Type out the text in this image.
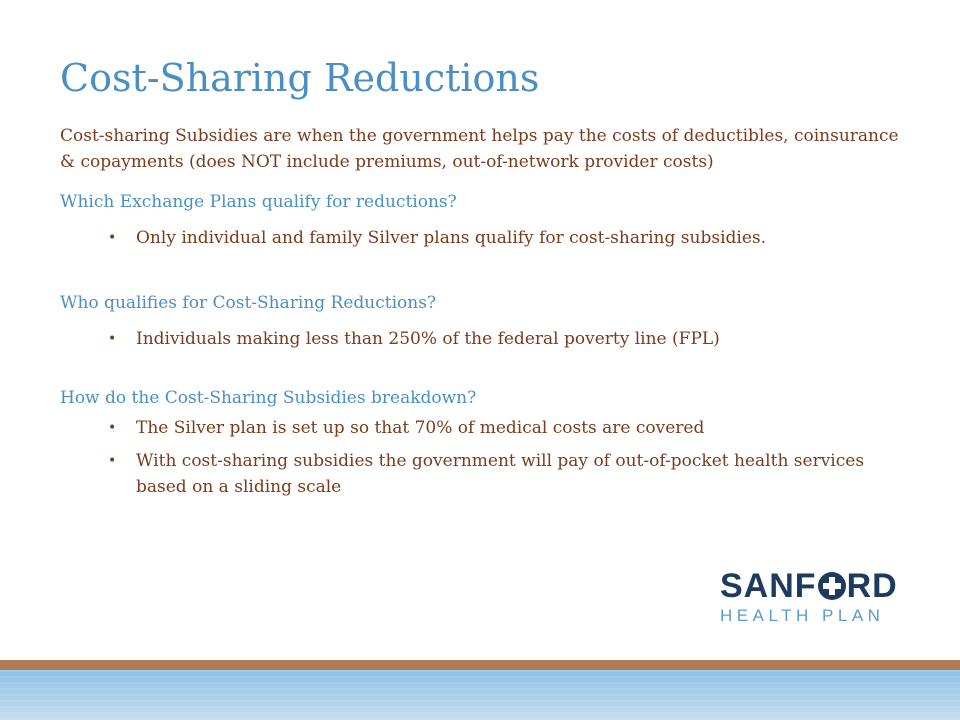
Cost-Sharing Reductions

Cost-sharing Subsidies are when the government helps pay the costs of deductibles, coinsurance & copayments (does NOT include premiums, out-of-network provider costs)

Which Exchange Plans qualify for reductions?

• Only individual and family Silver plans qualify for cost-sharing subsidies.

Who qualifies for Cost-Sharing Reductions?

• Individuals making less than 250% of the federal poverty line (FPL)

How do the Cost-Sharing Subsidies breakdown?

• The Silver plan is set up so that 70% of medical costs are covered
• With cost-sharing subsidies the government will pay of out-of-pocket health services based on a sliding scale

SANF RD

HEALTH PLAN
